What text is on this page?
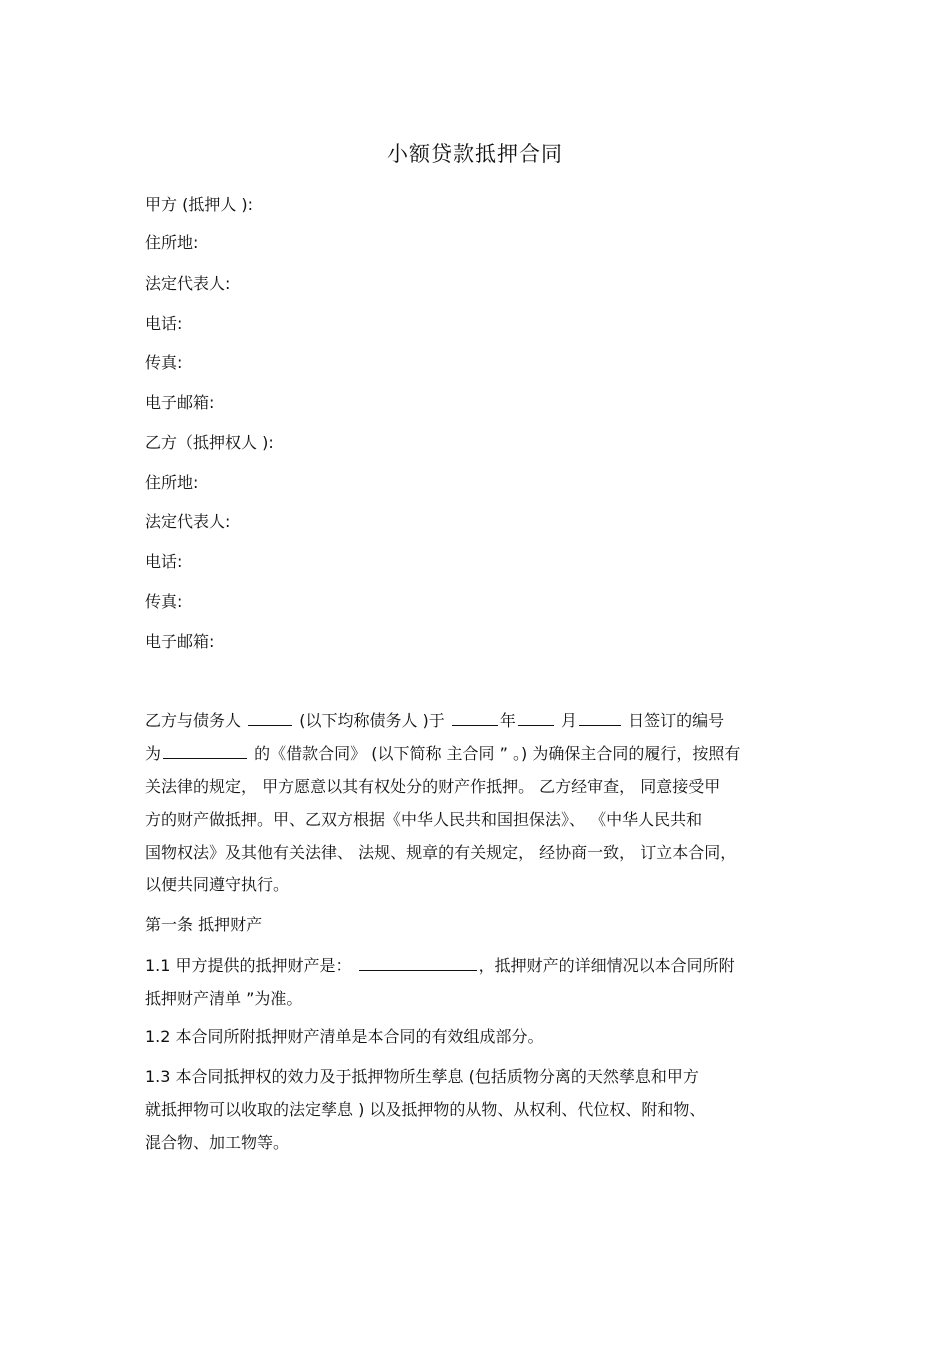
小额贷款抵押合同
甲方 (抵押人 ):
住所地:
法定代表人:
电话:
传真:
电子邮箱:
乙方（抵押权人 ):
住所地:
法定代表人:
电话:
传真:
电子邮箱:
乙方与债务人	(以下均称债务人 )于	年	月	日签订的编号
为	的《借款合同》 (以下简称 主合同 ” 。) 为确保主合同的履行，按照有
关法律的规定， 甲方愿意以其有权处分的财产作抵押。 乙方经审查， 同意接受甲
方的财产做抵押。甲、乙双方根据《中华人民共和国担保法》、 《中华人民共和
国物权法》及其他有关法律、 法规、规章的有关规定， 经协商一致， 订立本合同，
以便共同遵守执行。
第一条 抵押财产
1.1 甲方提供的抵押财产是：	，抵押财产的详细情况以本合同所附
抵押财产清单 ”为准。
1.2 本合同所附抵押财产清单是本合同的有效组成部分。
1.3 本合同抵押权的效力及于抵押物所生孳息 (包括质物分离的天然孳息和甲方
就抵押物可以收取的法定孳息 ) 以及抵押物的从物、从权利、代位权、附和物、
混合物、加工物等。
